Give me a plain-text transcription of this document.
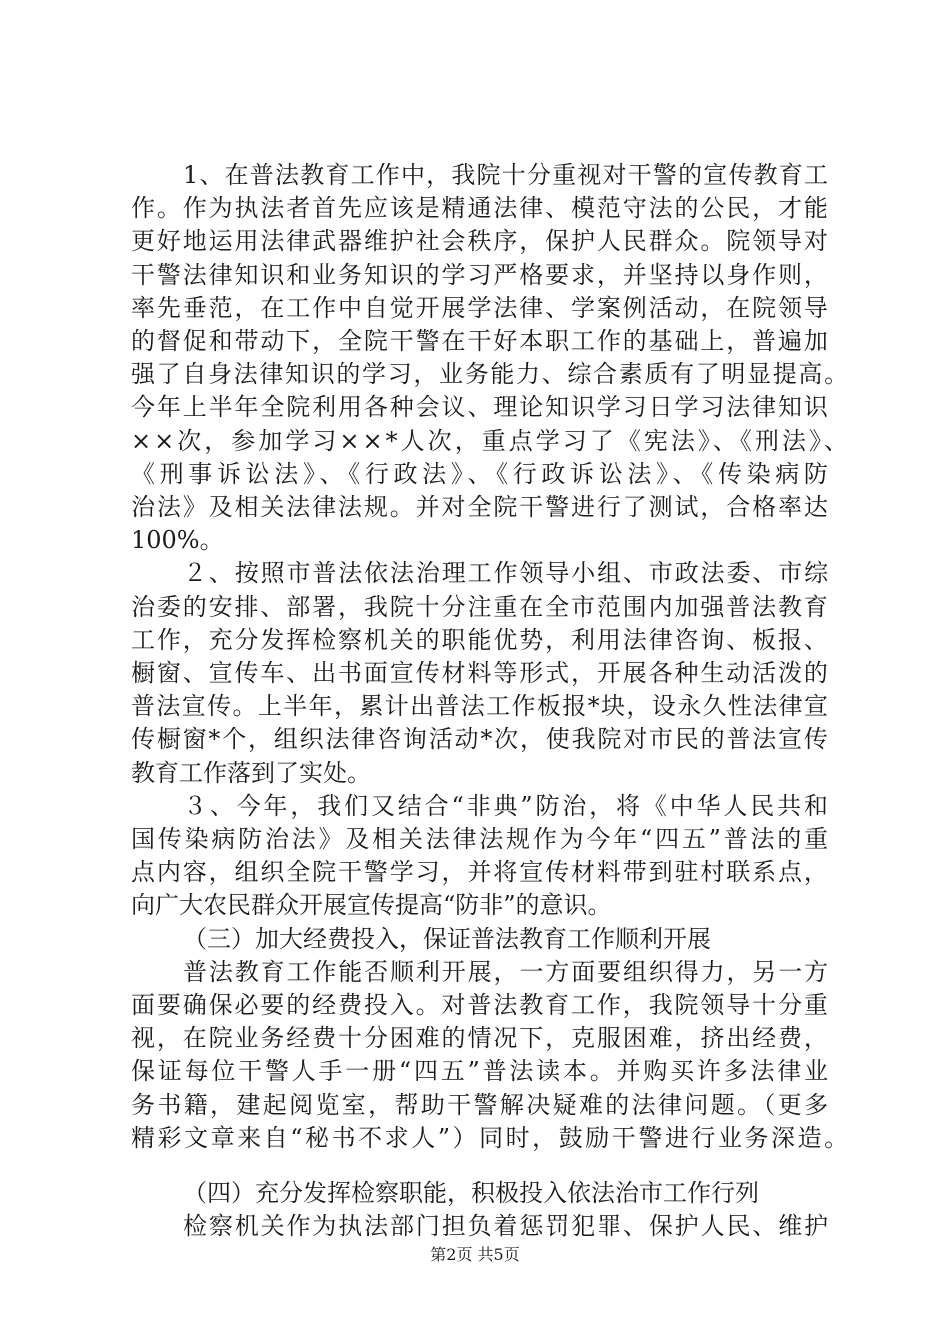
1、在普法教育工作中，我院十分重视对干警的宣传教育工
作。作为执法者首先应该是精通法律、模范守法的公民，才能
更好地运用法律武器维护社会秩序，保护人民群众。院领导对
干警法律知识和业务知识的学习严格要求，并坚持以身作则，
率先垂范，在工作中自觉开展学法律、学案例活动，在院领导
的督促和带动下，全院干警在干好本职工作的基础上，普遍加
强了自身法律知识的学习，业务能力、综合素质有了明显提高。
今年上半年全院利用各种会议、理论知识学习日学习法律知识
××次，参加学习××*人次，重点学习了《宪法》、《刑法》、
《刑事诉讼法》、《行政法》、《行政诉讼法》、《传染病防
治法》及相关法律法规。并对全院干警进行了测试，合格率达
100%。
２、按照市普法依法治理工作领导小组、市政法委、市综
治委的安排、部署，我院十分注重在全市范围内加强普法教育
工作，充分发挥检察机关的职能优势，利用法律咨询、板报、
橱窗、宣传车、出书面宣传材料等形式，开展各种生动活泼的
普法宣传。上半年，累计出普法工作板报*块，设永久性法律宣
传橱窗*个，组织法律咨询活动*次，使我院对市民的普法宣传
教育工作落到了实处。
３、今年，我们又结合“非典”防治，将《中华人民共和
国传染病防治法》及相关法律法规作为今年“四五”普法的重
点内容，组织全院干警学习，并将宣传材料带到驻村联系点，
向广大农民群众开展宣传提高“防非”的意识。
（三）加大经费投入，保证普法教育工作顺利开展
普法教育工作能否顺利开展，一方面要组织得力，另一方
面要确保必要的经费投入。对普法教育工作，我院领导十分重
视，在院业务经费十分困难的情况下，克服困难，挤出经费，
保证每位干警人手一册“四五”普法读本。并购买许多法律业
务书籍，建起阅览室，帮助干警解决疑难的法律问题。（更多
精彩文章来自“秘书不求人”）同时，鼓励干警进行业务深造。
（四）充分发挥检察职能，积极投入依法治市工作行列
检察机关作为执法部门担负着惩罚犯罪、保护人民、维护
第2页 共5页
